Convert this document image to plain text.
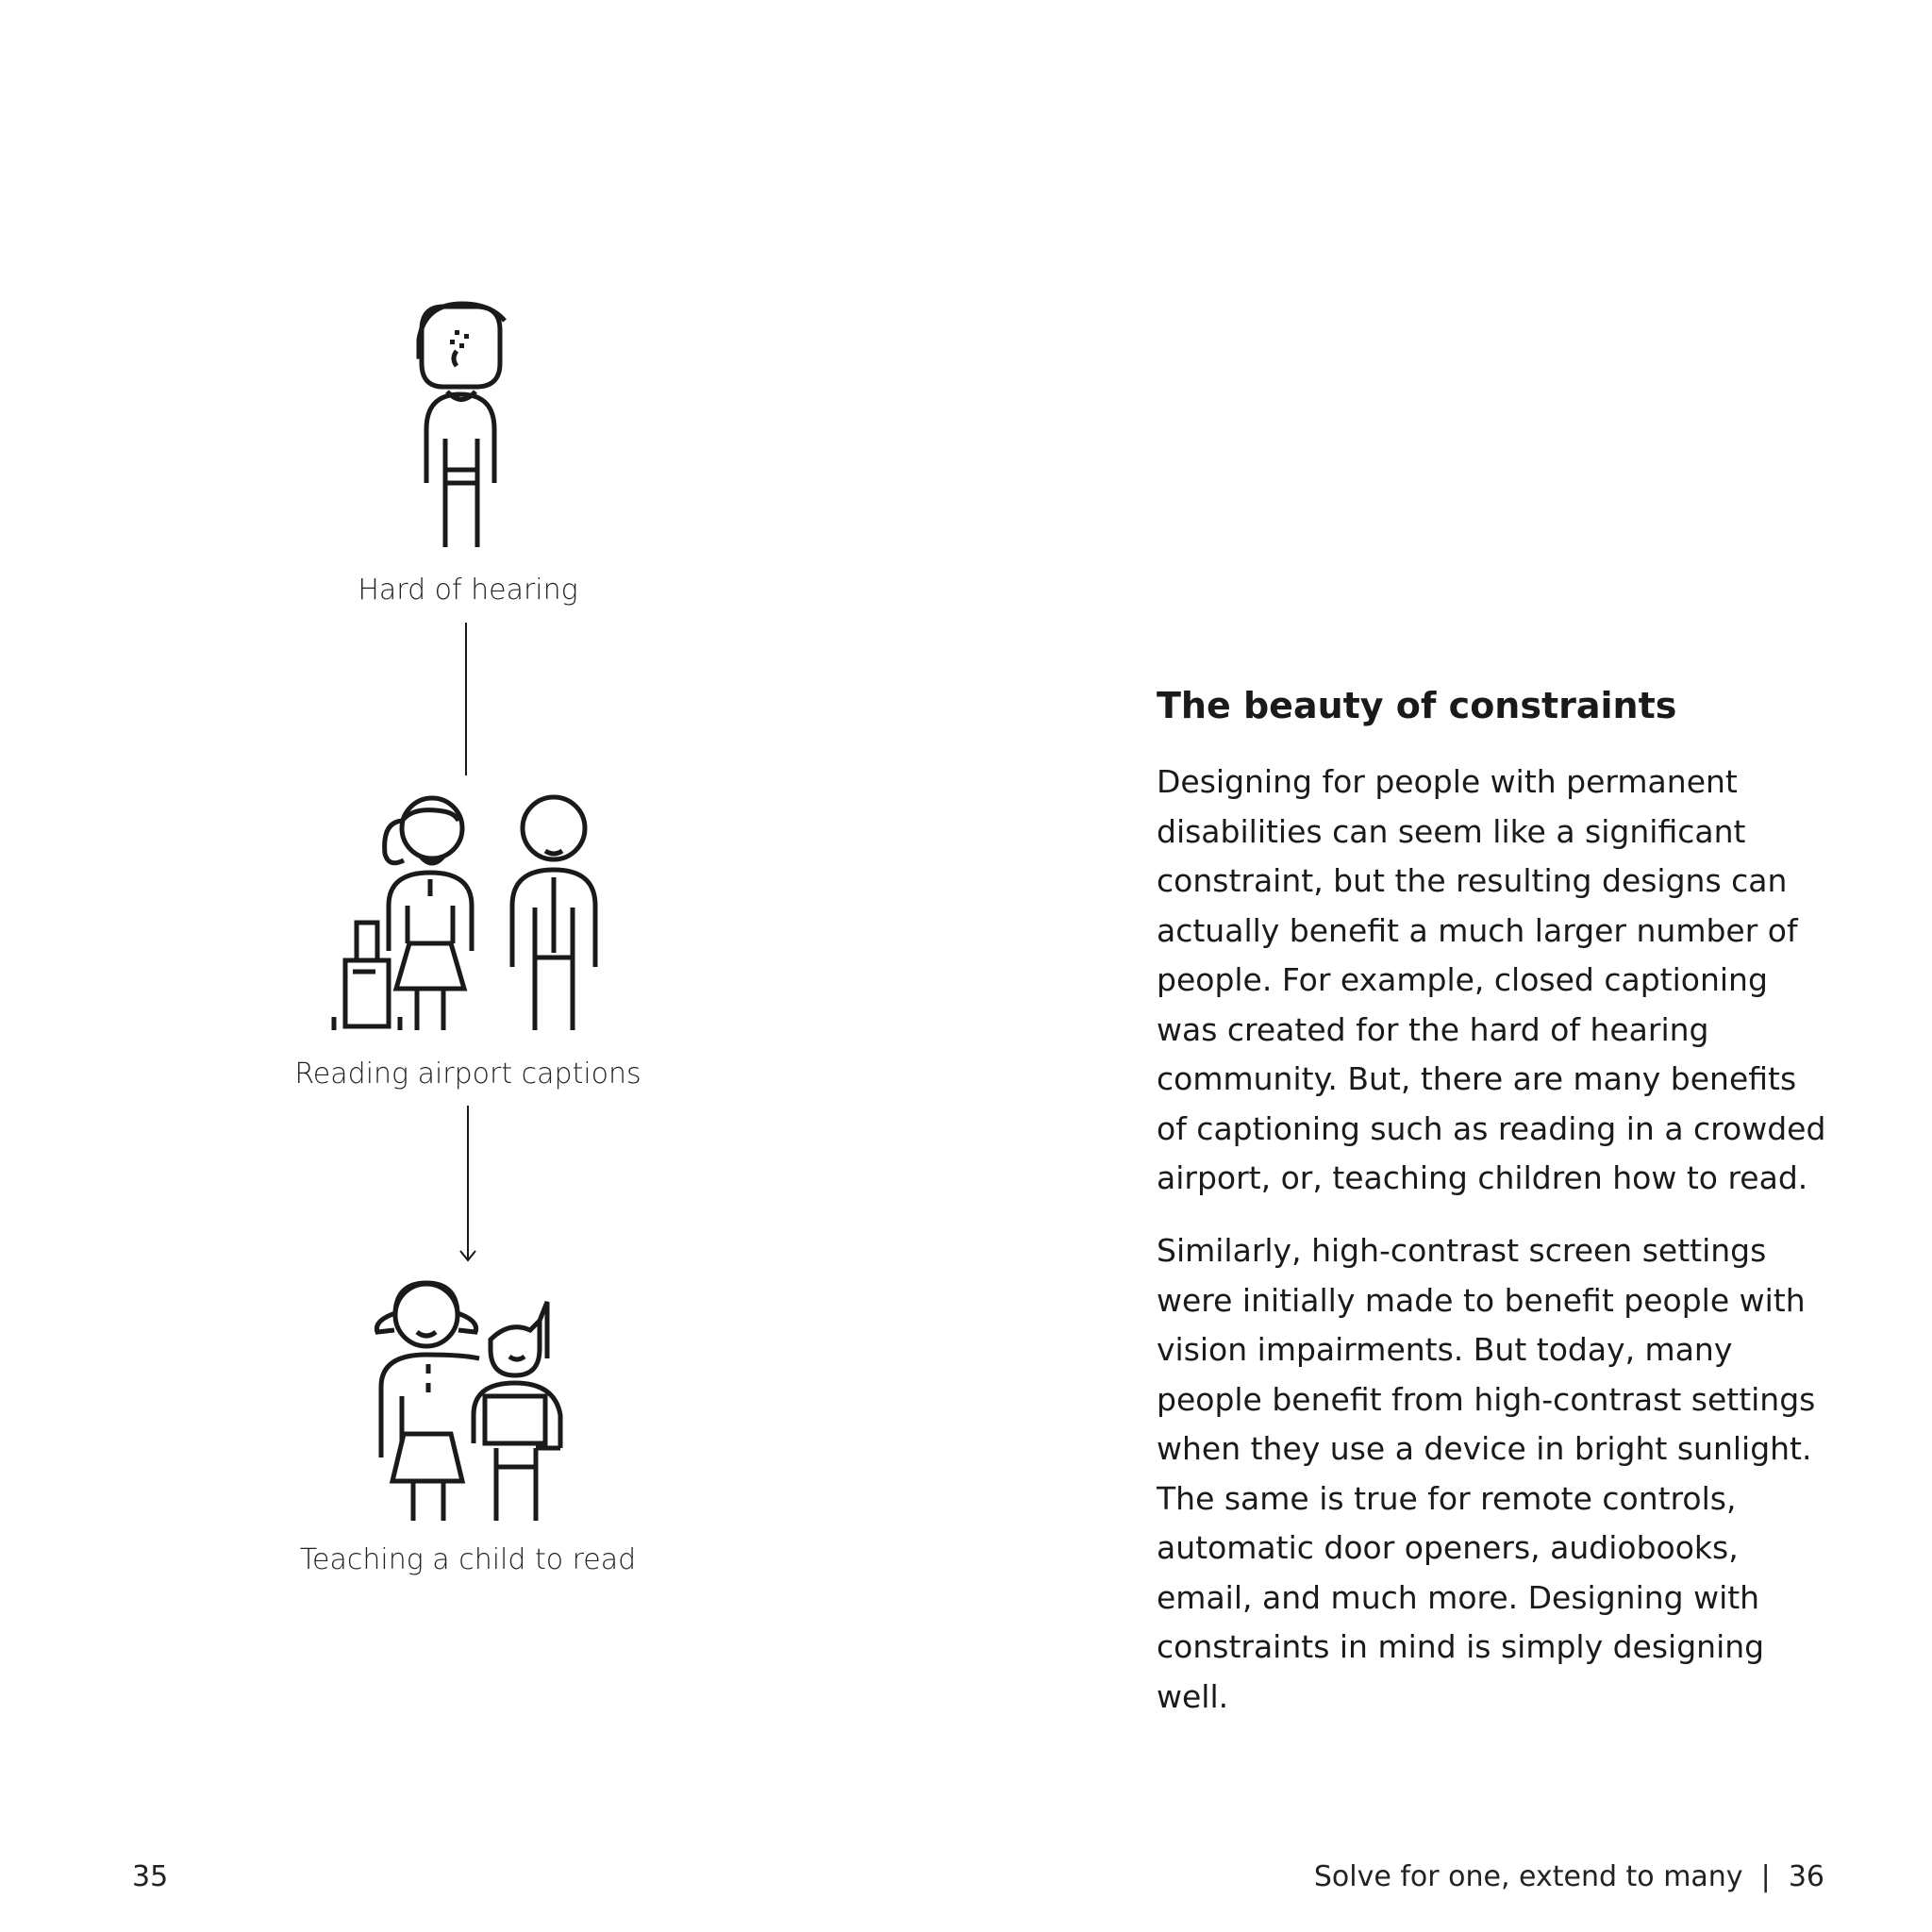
Hard of hearing
Reading airport captions
Teaching a child to read
The beauty of constraints

Designing for people with permanent disabilities can seem like a significant constraint, but the resulting designs can actually benefit a much larger number of people. For example, closed captioning was created for the hard of hearing community. But, there are many benefits of captioning such as reading in a crowded airport, or, teaching children how to read.

Similarly, high-contrast screen settings were initially made to benefit people with vision impairments. But today, many people benefit from high-contrast settings when they use a device in bright sunlight. The same is true for remote controls, automatic door openers, audiobooks, email, and much more. Designing with constraints in mind is simply designing well.

35	Solve for one, extend to many  |  36
